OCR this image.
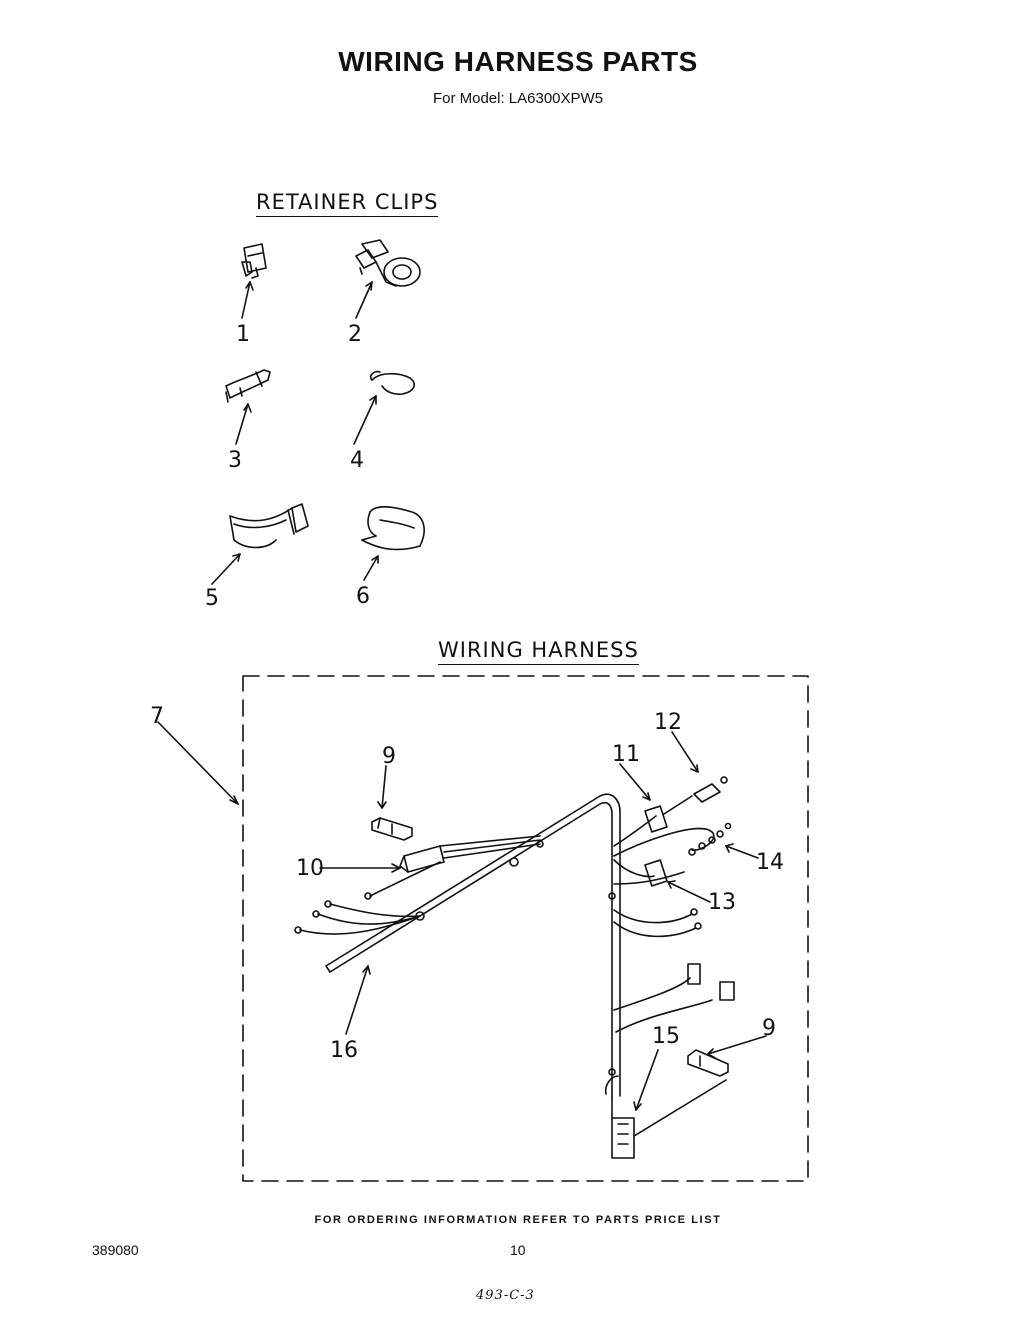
WIRING HARNESS PARTS
For Model: LA6300XPW5
RETAINER CLIPS
WIRING HARNESS
1	2
3	4
5	6
7
9
10
11
12
13
14
9
15
16
FOR ORDERING INFORMATION REFER TO PARTS PRICE LIST
389080	10
493-C-3
